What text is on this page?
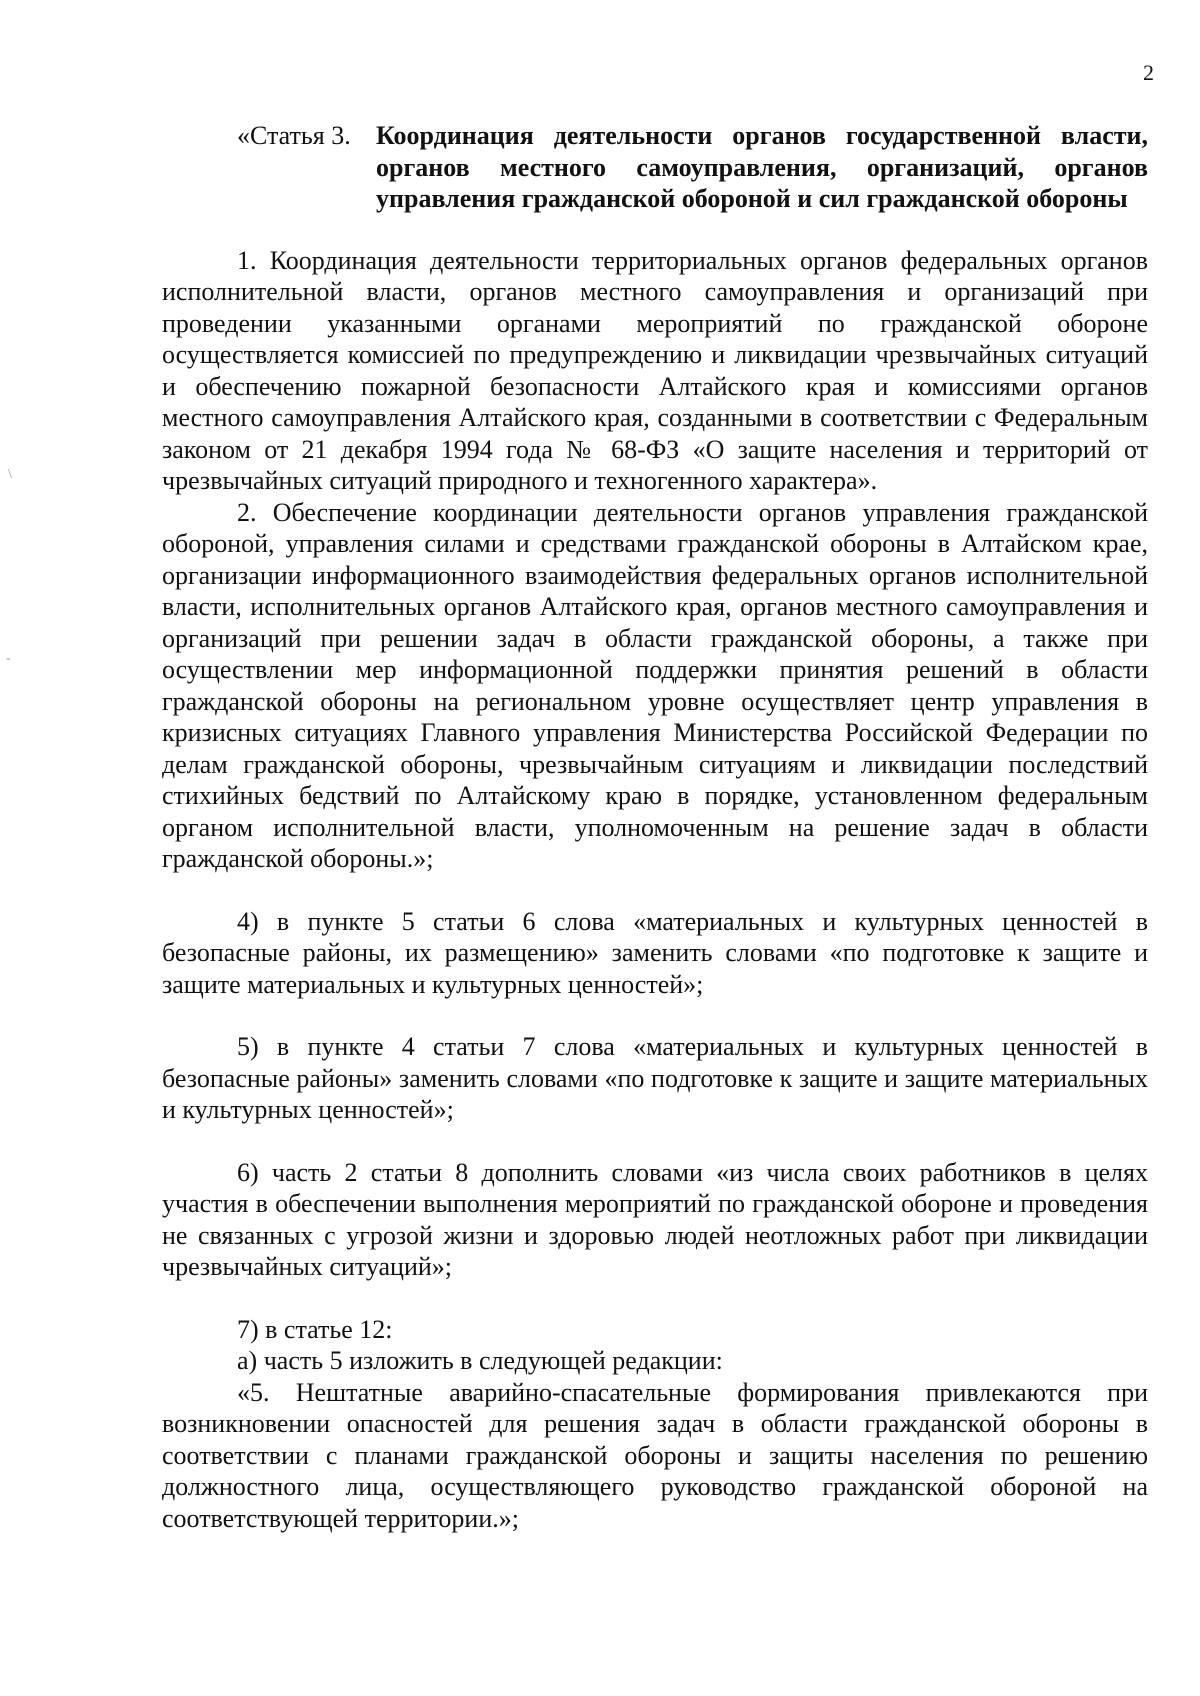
\
-
2
«Статья 3. Координация деятельности органов государственной власти, органов местного самоуправления, организаций, органов управления гражданской обороной и сил гражданской обороны

1. Координация деятельности территориальных органов федеральных органов исполнительной власти, органов местного самоуправления и организаций при проведении указанными органами мероприятий по гражданской обороне осуществляется комиссией по предупреждению и ликвидации чрезвычайных ситуаций и обеспечению пожарной безопасности Алтайского края и комиссиями органов местного самоуправления Алтайского края, созданными в соответствии с Федеральным законом от 21 декабря 1994 года № 68-ФЗ «О защите населения и территорий от чрезвычайных ситуаций природного и техногенного характера».

2. Обеспечение координации деятельности органов управления гражданской обороной, управления силами и средствами гражданской обороны в Алтайском крае, организации информационного взаимодействия федеральных органов исполнительной власти, исполнительных органов Алтайского края, органов местного самоуправления и организаций при решении задач в области гражданской обороны, а также при осуществлении мер информационной поддержки принятия решений в области гражданской обороны на региональном уровне осуществляет центр управления в кризисных ситуациях Главного управления Министерства Российской Федерации по делам гражданской обороны, чрезвычайным ситуациям и ликвидации последствий стихийных бедствий по Алтайскому краю в порядке, установленном федеральным органом исполнительной власти, уполномоченным на решение задач в области гражданской обороны.»;

4) в пункте 5 статьи 6 слова «материальных и культурных ценностей в безопасные районы, их размещению» заменить словами «по подготовке к защите и защите материальных и культурных ценностей»;

5) в пункте 4 статьи 7 слова «материальных и культурных ценностей в безопасные районы» заменить словами «по подготовке к защите и защите материальных и культурных ценностей»;

6) часть 2 статьи 8 дополнить словами «из числа своих работников в целях участия в обеспечении выполнения мероприятий по гражданской обороне и проведения не связанных с угрозой жизни и здоровью людей неотложных работ при ликвидации чрезвычайных ситуаций»;

7) в статье 12:

а) часть 5 изложить в следующей редакции:

«5. Нештатные аварийно-спасательные формирования привлекаются при возникновении опасностей для решения задач в области гражданской обороны в соответствии с планами гражданской обороны и защиты населения по решению должностного лица, осуществляющего руководство гражданской обороной на соответствующей территории.»;
